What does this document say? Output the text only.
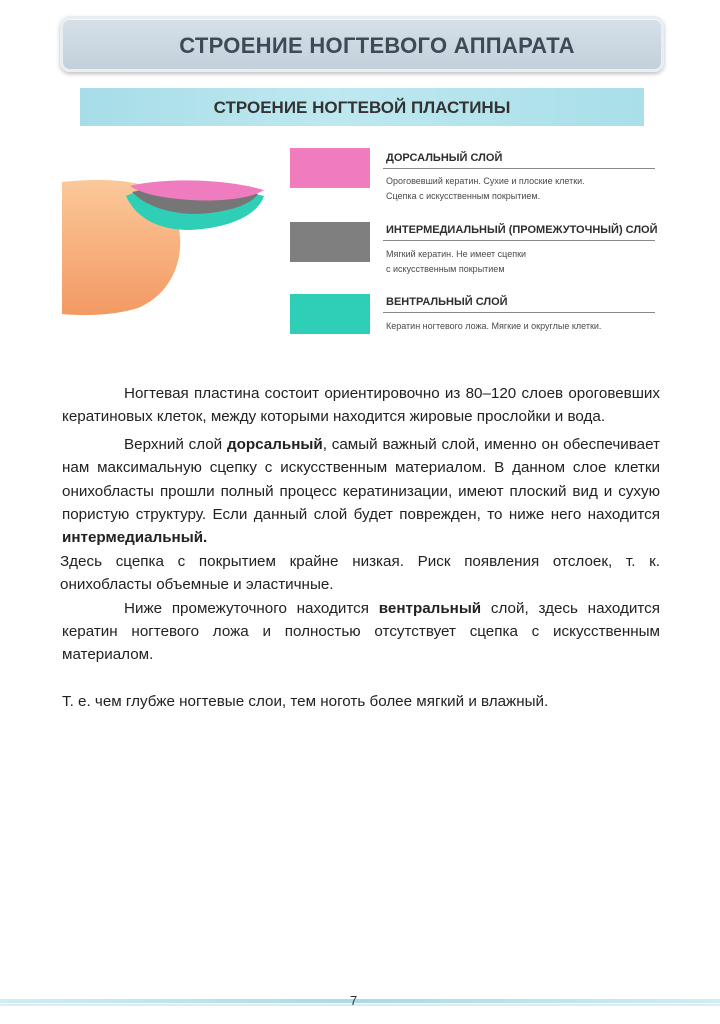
СТРОЕНИЕ НОГТЕВОГО АППАРАТА
СТРОЕНИЕ НОГТЕВОЙ ПЛАСТИНЫ
ДОРСАЛЬНЫЙ СЛОЙ
Ороговевший кератин. Сухие и плоские клетки.
Сцепка с искусственным покрытием.
ИНТЕРМЕДИАЛЬНЫЙ (ПРОМЕЖУТОЧНЫЙ) СЛОЙ
Мягкий кератин. Не имеет сцепки
с искусственным покрытием
ВЕНТРАЛЬНЫЙ СЛОЙ
Кератин ногтевого ложа. Мягкие и округлые клетки.

Ногтевая пластина состоит ориентировочно из 80–120 слоев ороговевших кератиновых клеток, между которыми находится жировые прослойки и вода.

Верхний слой дорсальный, самый важный слой, именно он обеспечивает нам максимальную сцепку с искусственным материалом. В данном слое клетки онихобласты прошли полный процесс кератинизации, имеют плоский вид и сухую пористую структуру. Если данный слой будет поврежден, то ниже него находится интермедиальный.

Здесь сцепка с покрытием крайне низкая. Риск появления отслоек, т. к. онихобласты объемные и эластичные.

Ниже промежуточного находится вентральный слой, здесь находится кератин ногтевого ложа и полностью отсутствует сцепка с искусственным материалом.

Т. е. чем глубже ногтевые слои, тем ноготь более мягкий и влажный.

7
